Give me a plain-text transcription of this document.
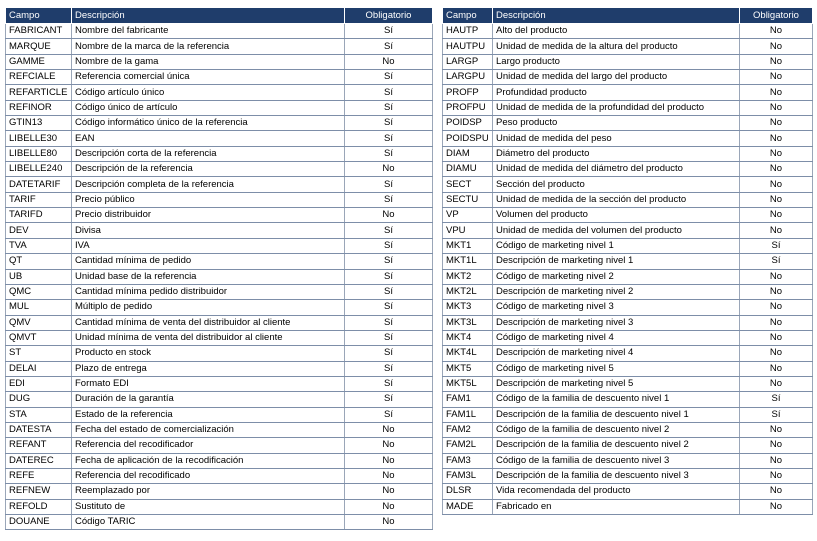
Campo	Descripción	Obligatorio
FABRICANT	Nombre del fabricante	Sí
MARQUE	Nombre de la marca de la referencia	Sí
GAMME	Nombre de la gama	No
REFCIALE	Referencia comercial única	Sí
REFARTICLE	Código artículo único	Sí
REFINOR	Código único de artículo	Sí
GTIN13	Código informático único de la referencia	Sí
LIBELLE30	EAN	Sí
LIBELLE80	Descripción corta de la referencia	Sí
LIBELLE240	Descripción de la referencia	No
DATETARIF	Descripción completa de la referencia	Sí
TARIF	Precio público	Sí
TARIFD	Precio distribuidor	No
DEV	Divisa	Sí
TVA	IVA	Sí
QT	Cantidad mínima de pedido	Sí
UB	Unidad base de la referencia	Sí
QMC	Cantidad mínima pedido distribuidor	Sí
MUL	Múltiplo de pedido	Sí
QMV	Cantidad mínima de venta del distribuidor al cliente	Sí
QMVT	Unidad mínima de venta del distribuidor al cliente	Sí
ST	Producto en stock	Sí
DELAI	Plazo de entrega	Sí
EDI	Formato EDI	Sí
DUG	Duración de la garantía	Sí
STA	Estado de la referencia	Sí
DATESTA	Fecha del estado de comercialización	No
REFANT	Referencia del recodificador	No
DATEREC	Fecha de aplicación de la recodificación	No
REFE	Referencia del recodificado	No
REFNEW	Reemplazado por	No
REFOLD	Sustituto de	No
DOUANE	Código TARIC	No
Campo	Descripción	Obligatorio
HAUTP	Alto del producto	No
HAUTPU	Unidad de medida de la altura del producto	No
LARGP	Largo producto	No
LARGPU	Unidad de medida del largo del producto	No
PROFP	Profundidad producto	No
PROFPU	Unidad de medida de la profundidad del producto	No
POIDSP	Peso producto	No
POIDSPU	Unidad de medida del peso	No
DIAM	Diámetro del producto	No
DIAMU	Unidad de medida del diámetro del producto	No
SECT	Sección del producto	No
SECTU	Unidad de medida de la sección del producto	No
VP	Volumen del producto	No
VPU	Unidad de medida del volumen del producto	No
MKT1	Código de marketing nivel 1	Sí
MKT1L	Descripción de marketing nivel 1	Sí
MKT2	Código de marketing nivel 2	No
MKT2L	Descripción de marketing nivel 2	No
MKT3	Código de marketing nivel 3	No
MKT3L	Descripción de marketing nivel 3	No
MKT4	Código de marketing nivel 4	No
MKT4L	Descripción de marketing nivel 4	No
MKT5	Código de marketing nivel 5	No
MKT5L	Descripción de marketing nivel 5	No
FAM1	Código de la familia de descuento nivel 1	Sí
FAM1L	Descripción de la familia de descuento nivel 1	Sí
FAM2	Código de la familia de descuento nivel 2	No
FAM2L	Descripción de la familia de descuento nivel 2	No
FAM3	Código de la familia de descuento nivel 3	No
FAM3L	Descripción de la familia de descuento nivel 3	No
DLSR	Vida recomendada del producto	No
MADE	Fabricado en	No
